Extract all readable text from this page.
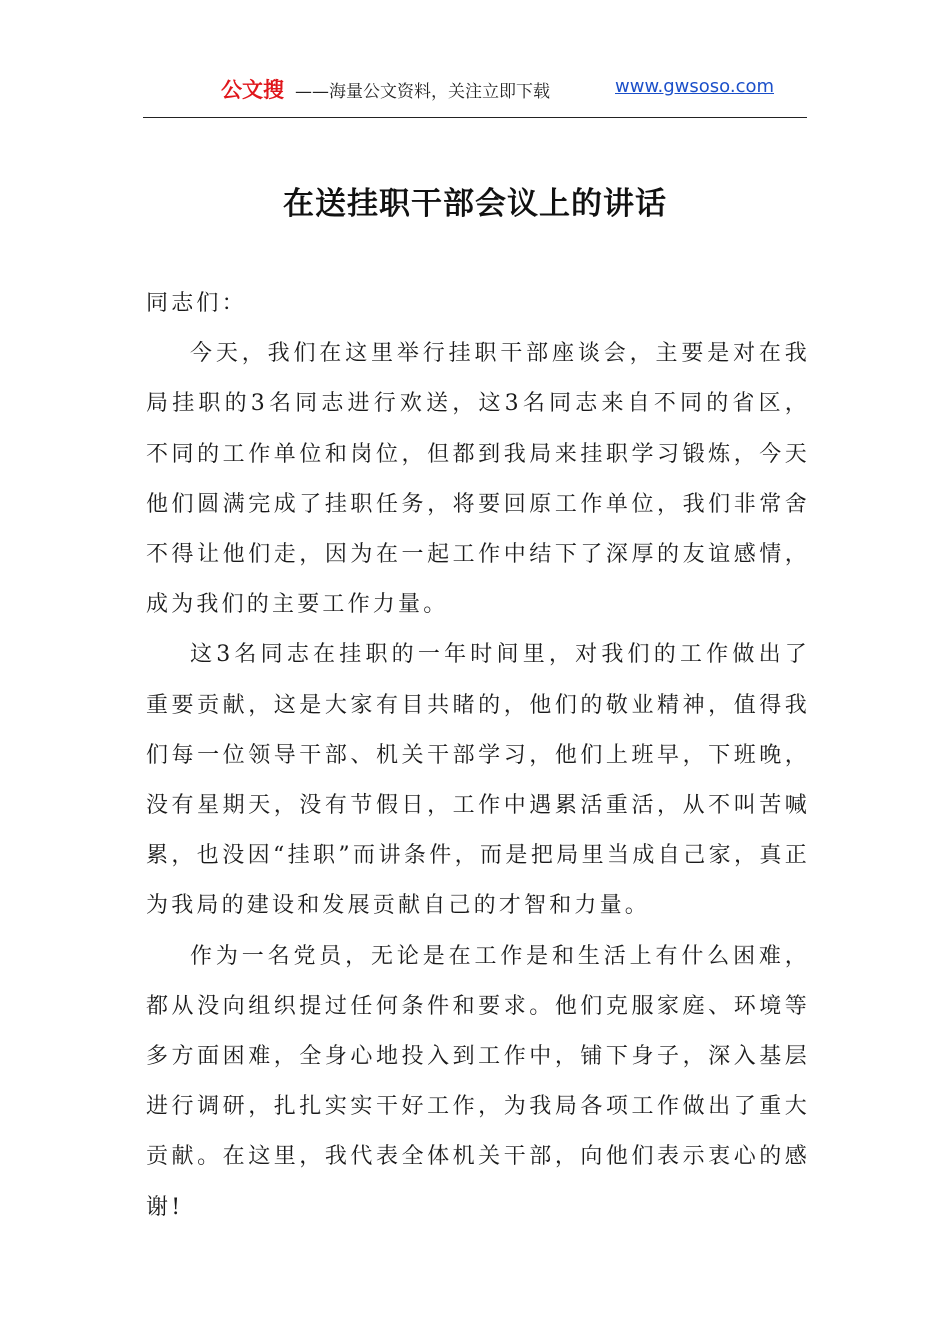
公文搜 ——海量公文资料，关注立即下载	www.gwsoso.com
在送挂职干部会议上的讲话

同志们：

今天，我们在这里举行挂职干部座谈会，主要是对在我局挂职的3名同志进行欢送，这3名同志来自不同的省区，不同的工作单位和岗位，但都到我局来挂职学习锻炼，今天他们圆满完成了挂职任务，将要回原工作单位，我们非常舍不得让他们走，因为在一起工作中结下了深厚的友谊感情，成为我们的主要工作力量。

这3名同志在挂职的一年时间里，对我们的工作做出了重要贡献，这是大家有目共睹的，他们的敬业精神，值得我们每一位领导干部、机关干部学习，他们上班早，下班晚，没有星期天，没有节假日，工作中遇累活重活，从不叫苦喊累，也没因“挂职”而讲条件，而是把局里当成自己家，真正为我局的建设和发展贡献自己的才智和力量。

作为一名党员，无论是在工作是和生活上有什么困难，都从没向组织提过任何条件和要求。他们克服家庭、环境等多方面困难，全身心地投入到工作中，铺下身子，深入基层进行调研，扎扎实实干好工作，为我局各项工作做出了重大贡献。在这里，我代表全体机关干部，向他们表示衷心的感谢!
